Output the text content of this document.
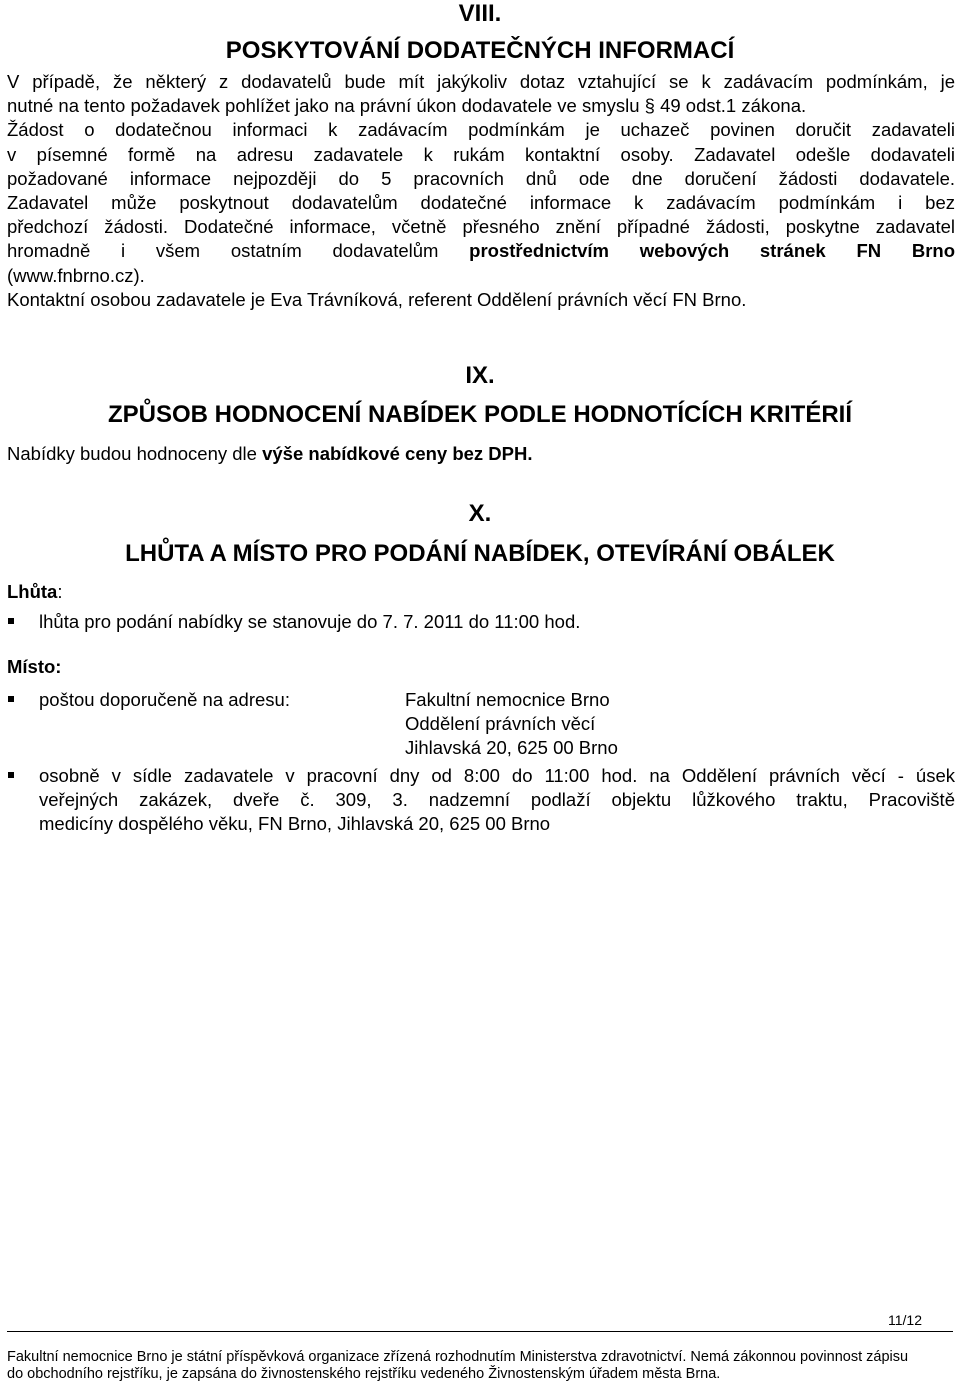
VIII.
POSKYTOVÁNÍ DODATEČNÝCH INFORMACÍ
V případě, že některý z dodavatelů bude mít jakýkoliv dotaz vztahující se k zadávacím podmínkám, je
nutné na tento požadavek pohlížet jako na právní úkon dodavatele ve smyslu § 49 odst.1 zákona.
Žádost o dodatečnou informaci k zadávacím podmínkám je uchazeč povinen doručit zadavateli
v písemné formě na adresu zadavatele k rukám kontaktní osoby. Zadavatel odešle dodavateli
požadované informace nejpozději do 5 pracovních dnů ode dne doručení žádosti dodavatele.
Zadavatel může poskytnout dodavatelům dodatečné informace k zadávacím podmínkám i bez
předchozí žádosti. Dodatečné informace, včetně přesného znění případné žádosti, poskytne zadavatel
hromadně i všem ostatním dodavatelům prostřednictvím webových stránek FN Brno
(www.fnbrno.cz).
Kontaktní osobou zadavatele je Eva Trávníková, referent Oddělení právních věcí FN Brno.
IX.
ZPŮSOB HODNOCENÍ NABÍDEK PODLE HODNOTÍCÍCH KRITÉRIÍ
Nabídky budou hodnoceny dle výše nabídkové ceny bez DPH.
X.
LHŮTA A MÍSTO PRO PODÁNÍ NABÍDEK, OTEVÍRÁNÍ OBÁLEK
Lhůta:
lhůta pro podání nabídky se stanovuje do 7. 7. 2011 do 11:00 hod.
Místo:
poštou doporučeně na adresu:	Fakultní nemocnice Brno
Oddělení právních věcí
Jihlavská 20, 625 00 Brno
osobně v sídle zadavatele v pracovní dny od 8:00 do 11:00 hod. na Oddělení právních věcí - úsek
veřejných zakázek, dveře č. 309, 3. nadzemní podlaží objektu lůžkového traktu, Pracoviště
medicíny dospělého věku, FN Brno, Jihlavská 20, 625 00 Brno
11/12
Fakultní nemocnice Brno je státní příspěvková organizace zřízená rozhodnutím Ministerstva zdravotnictví. Nemá zákonnou povinnost zápisu
do obchodního rejstříku, je zapsána do živnostenského rejstříku vedeného Živnostenským úřadem města Brna.
